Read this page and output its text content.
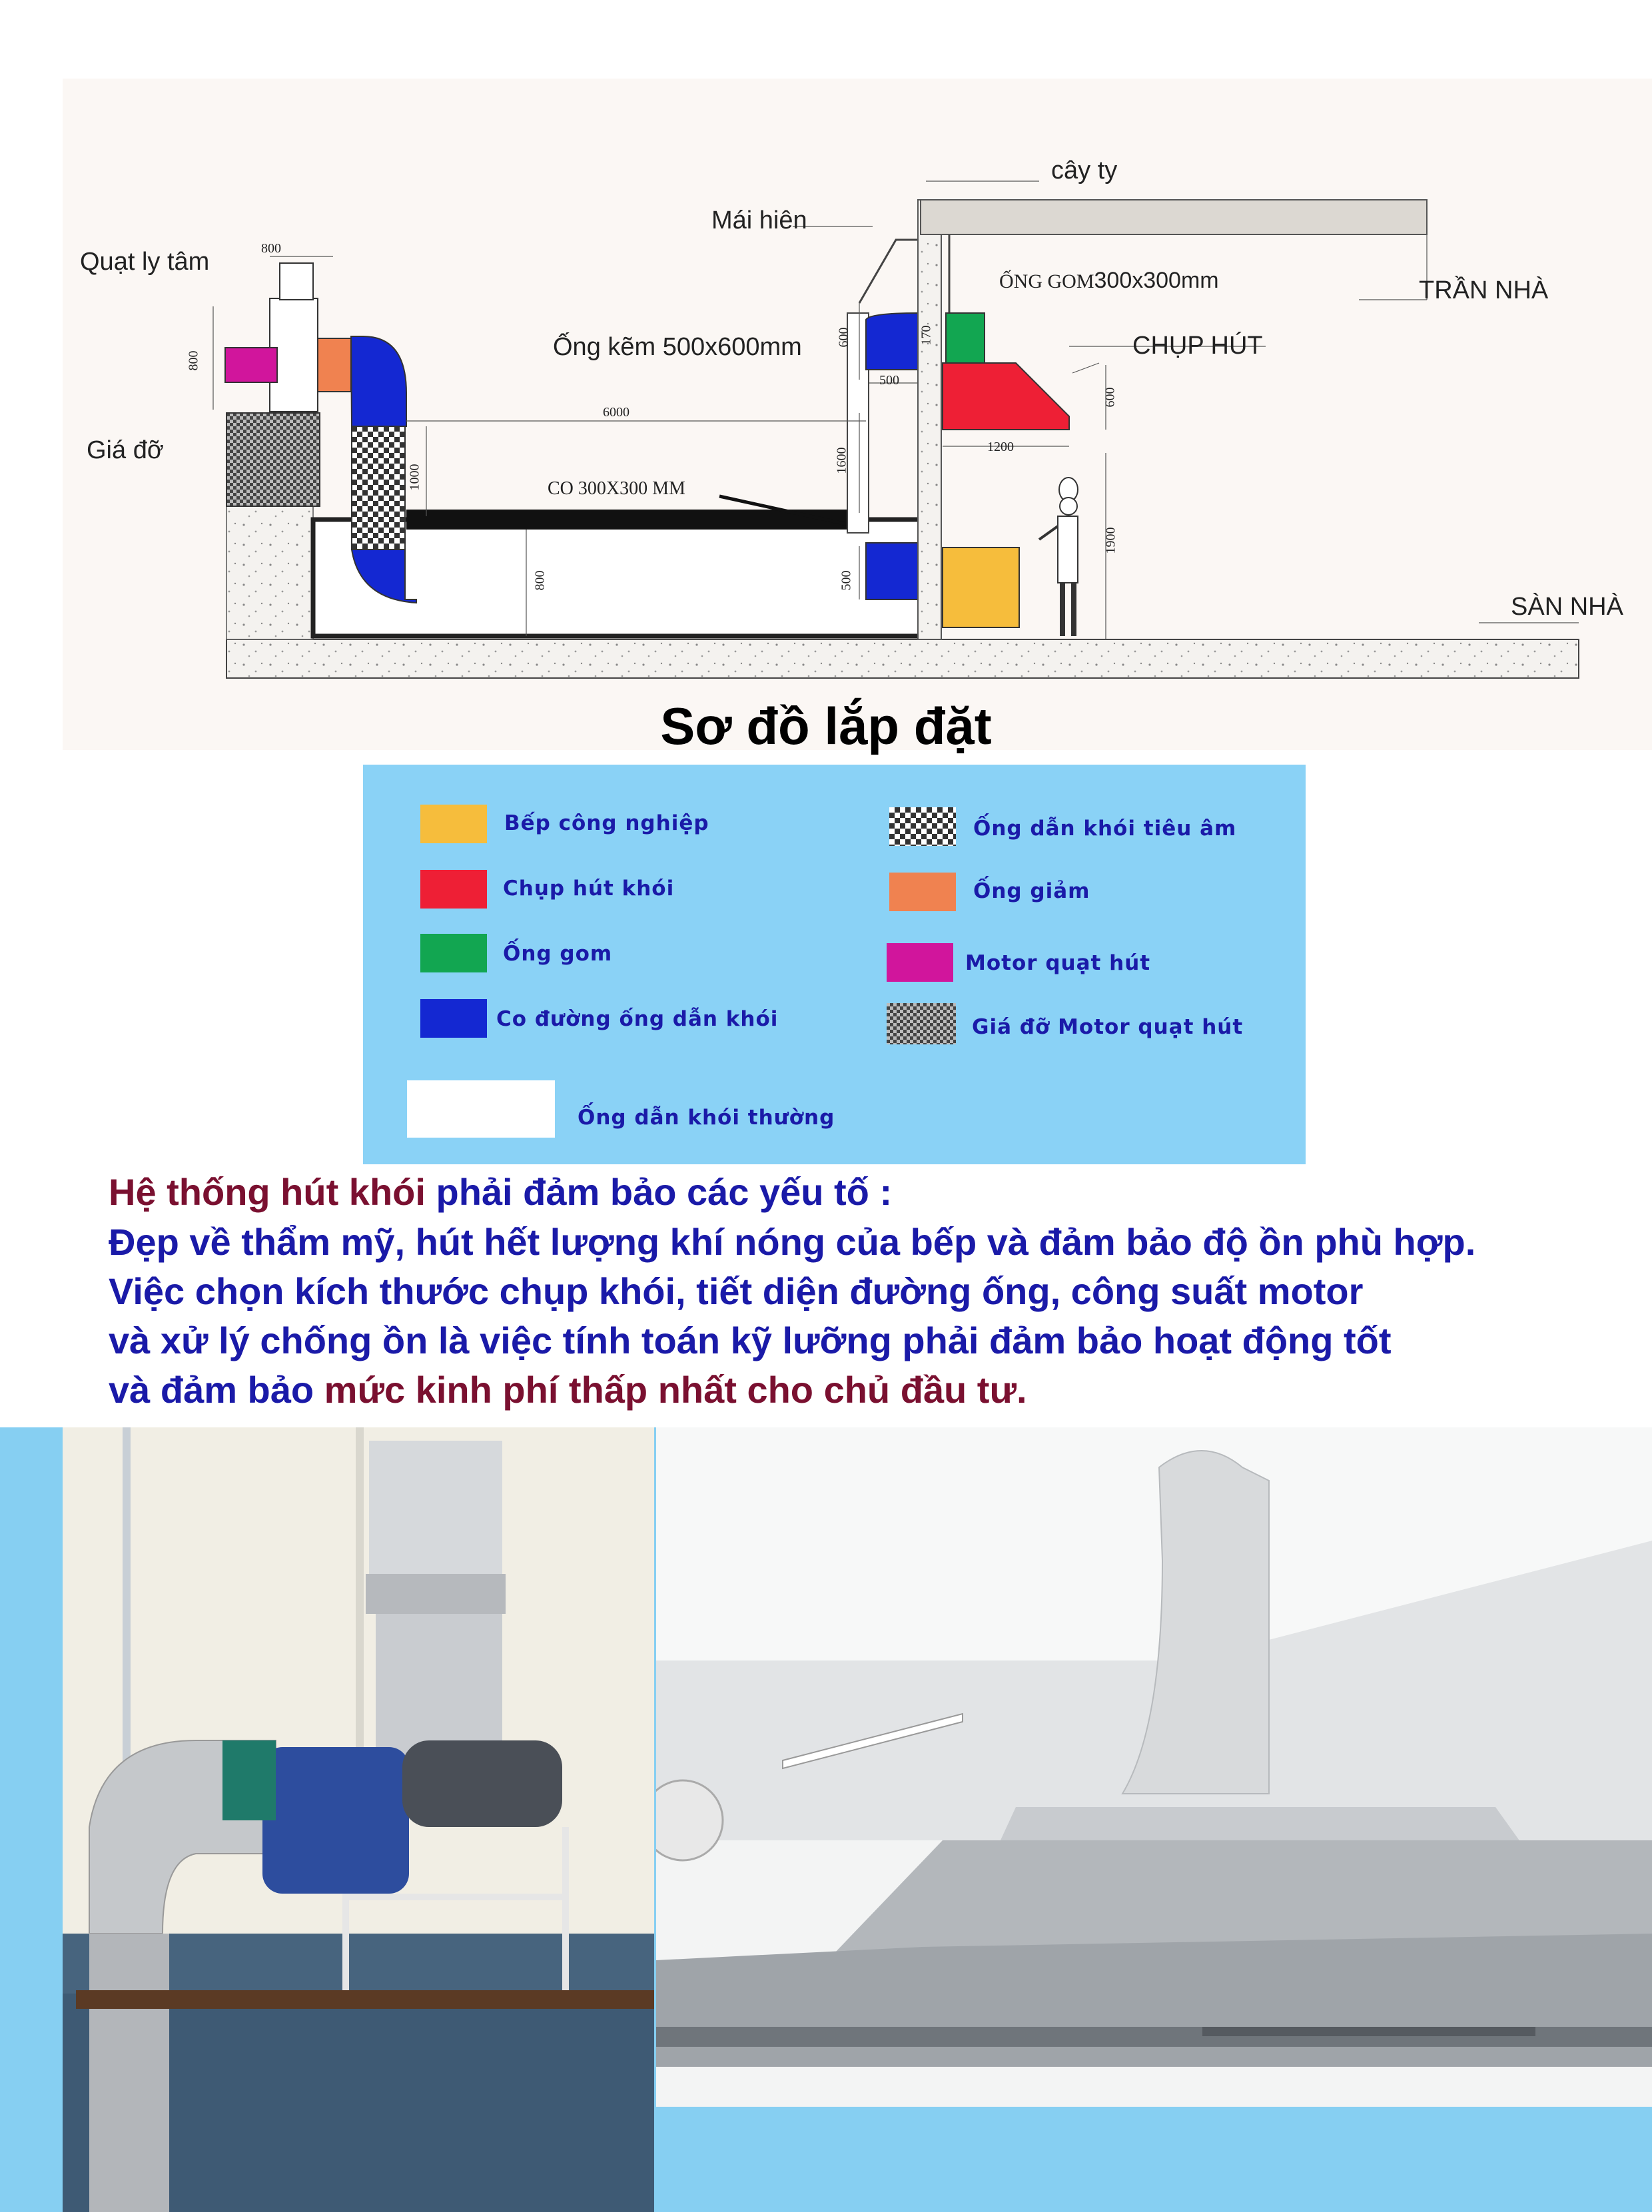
Quạt ly tâm
Giá đỡ
Mái hiên
cây ty
ỐNG GOM300x300mm	TRẦN NHÀ
Ống kẽm 500x600mm	CHỤP HÚT
CO 300X300 MM
SÀN NHÀ
800
800
6000
1000
800
600
1600
500
500
170
600
1200
1900
Sơ đồ lắp đặt
Bếp công nghiệp
Chụp hút khói
Ống gom
Co đường ống dẫn khói
Ống dẫn khói tiêu âm
Ống giảm
Motor quạt hút
Giá đỡ Motor quạt hút
Ống dẫn khói thường
Hệ thống hút khói phải đảm bảo các yếu tố :
Đẹp về thẩm mỹ, hút hết lượng khí nóng của bếp và đảm bảo độ ồn phù hợp.
Việc chọn kích thước chụp khói, tiết diện đường ống, công suất motor
và xử lý chống ồn là việc tính toán kỹ lưỡng phải đảm bảo hoạt động tốt
và đảm bảo mức kinh phí thấp nhất cho chủ đầu tư.
